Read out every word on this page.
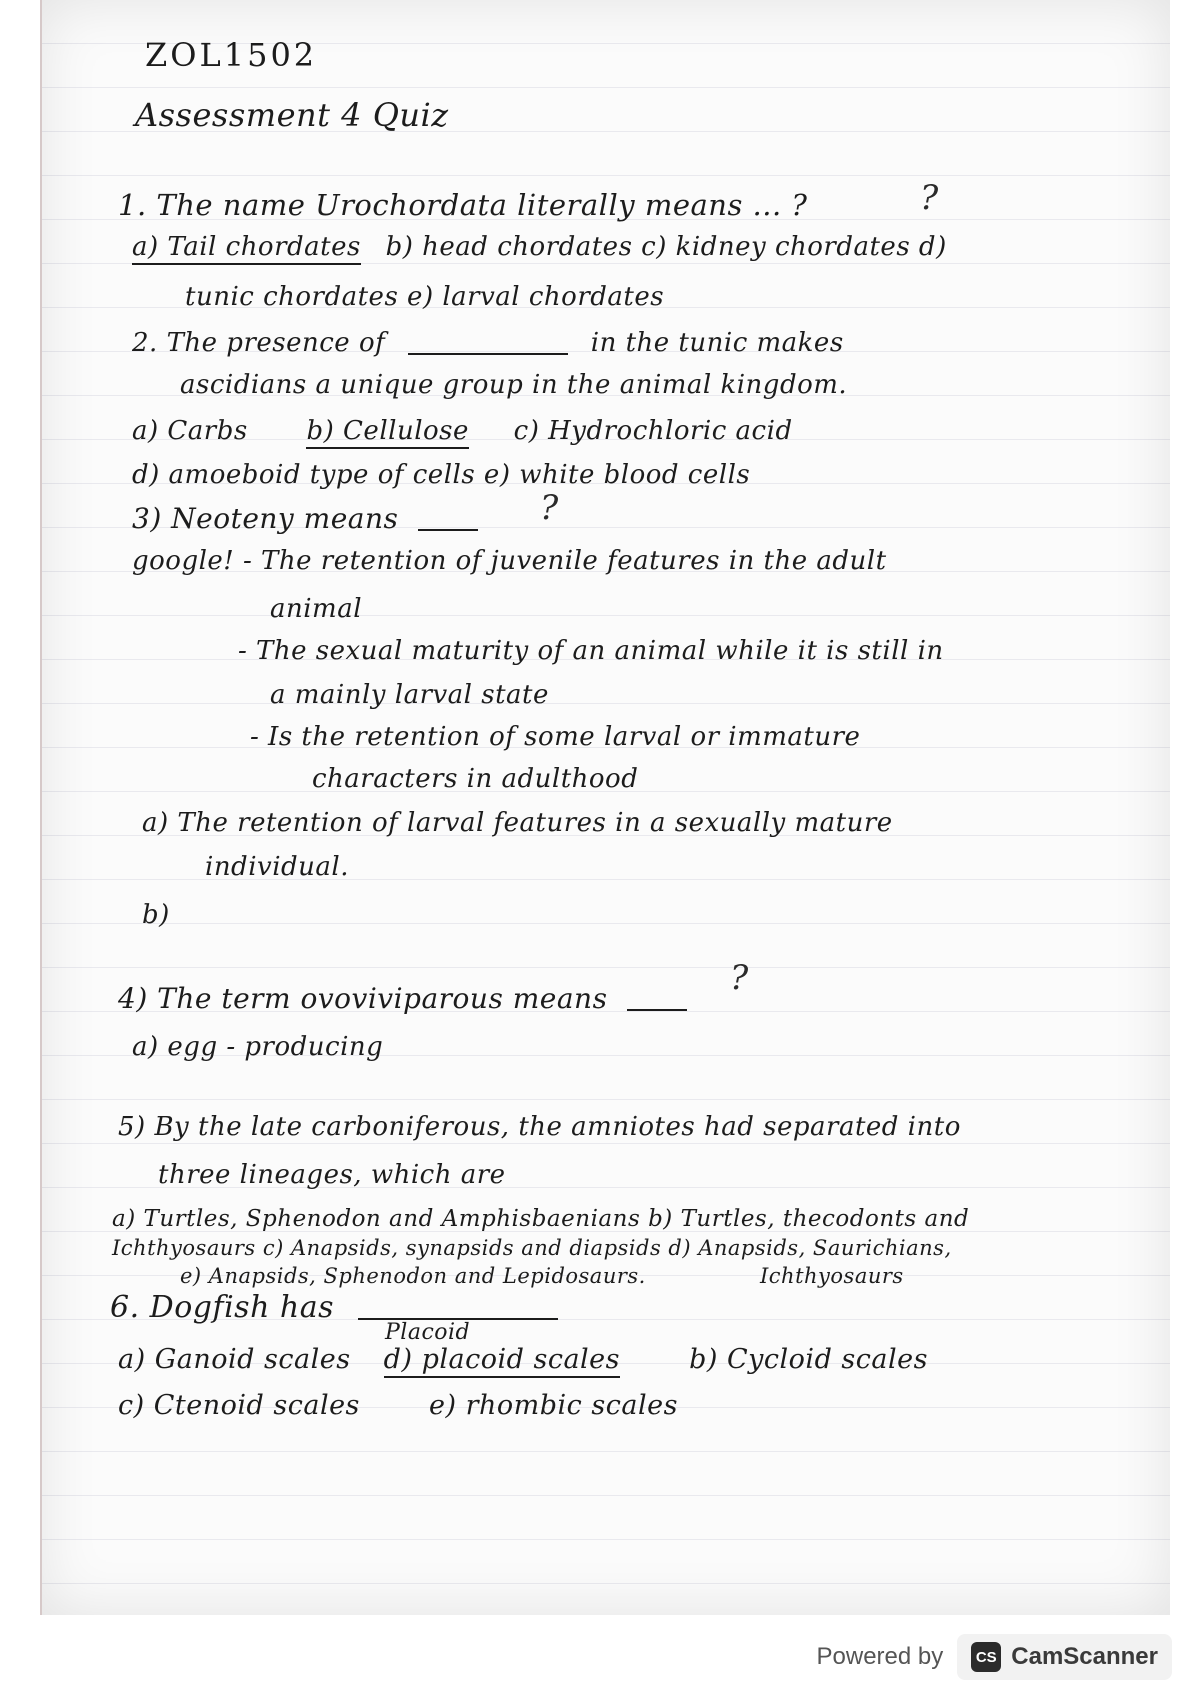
ZOL1502
Assessment 4 Quiz
1. The name Urochordata literally means ... ?
a) Tail chordates b) head chordates c) kidney chordates d)
tunic chordates e) larval chordates
2. The presence of	in the tunic makes
ascidians a unique group in the animal kingdom.
a) Carbs b) Cellulose c) Hydrochloric acid
d) amoeboid type of cells e) white blood cells
3) Neoteny means
google! - The retention of juvenile features in the adult
animal
- The sexual maturity of an animal while it is still in
a mainly larval state
- Is the retention of some larval or immature
characters in adulthood
a) The retention of larval features in a sexually mature
individual.
b)
4) The term ovoviviparous means
a) egg - producing
5) By the late carboniferous, the amniotes had separated into
three lineages, which are
a) Turtles, Sphenodon and Amphisbaenians b) Turtles, thecodonts and
Ichthyosaurs c) Anapsids, synapsids and diapsids d) Anapsids, Saurichians,
e) Anapsids, Sphenodon and Lepidosaurs.	Ichthyosaurs
6. Dogfish has
Placoid
a) Ganoid scales d) placoid scales	b) Cycloid scales
c) Ctenoid scales	e) rhombic scales
?
?
?
Powered by	CS CamScanner
